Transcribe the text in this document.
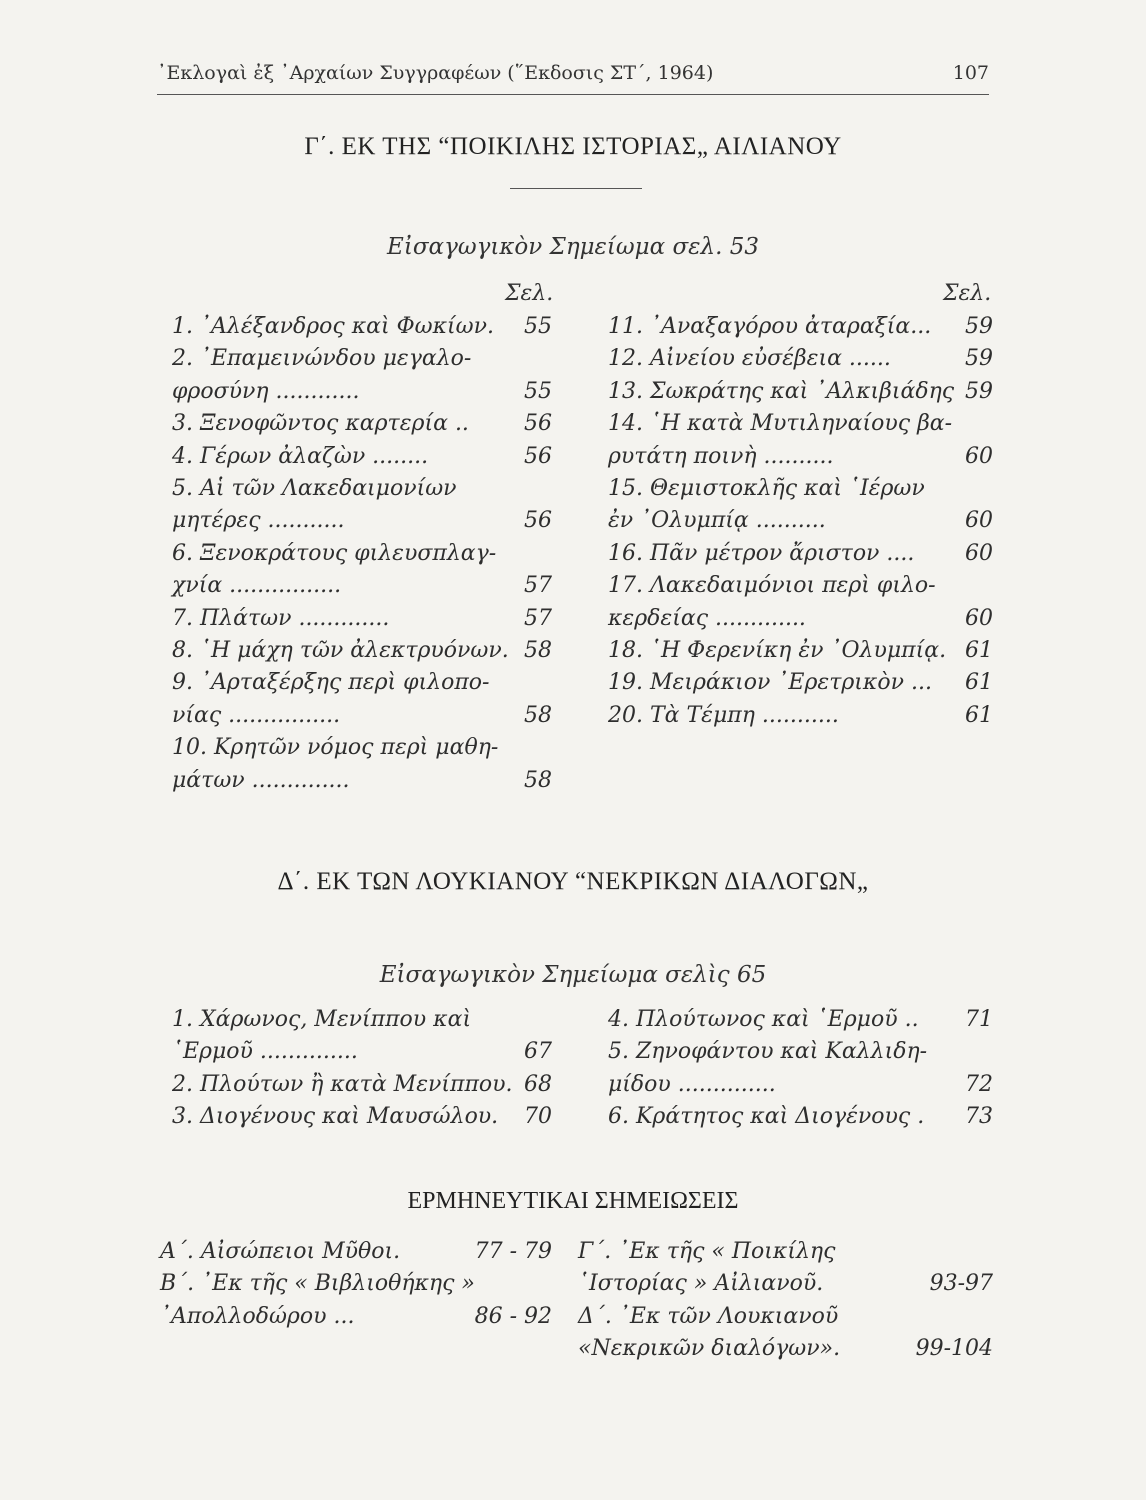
᾿Εκλογαὶ ἐξ ᾿Αρχαίων Συγγραφέων (῞Εκδοσις ΣΤ΄, 1964)	107
Γ΄. ΕΚ ΤΗΣ “ΠΟΙΚΙΛΗΣ ΙΣΤΟΡΙΑΣ„ ΑΙΛΙΑΝΟΥ
Εἰσαγωγικὸν Σημείωμα σελ. 53
Σελ.	Σελ.
1. ᾿Αλέξανδρος καὶ Φωκίων.	55
2. ᾿Επαμεινώνδου μεγαλο-
φροσύνη ............	55
3. Ξενοφῶντος καρτερία ..	56
4. Γέρων ἀλαζὼν ........	56
5. Αἱ τῶν Λακεδαιμονίων
μητέρες ...........	56
6. Ξενοκράτους φιλευσπλαγ-
χνία ................	57
7. Πλάτων .............	57
8. ῾Η μάχη τῶν ἀλεκτρυόνων. 58
9. ᾿Αρταξέρξης περὶ φιλοπο-
νίας ................	58
10. Κρητῶν νόμος περὶ μαθη-
μάτων ..............	58
11. ᾿Αναξαγόρου ἀταραξία...	59
12. Αἰνείου εὐσέβεια ......	59
13. Σωκράτης καὶ ᾿Αλκιβιάδης 59
14. ῾Η κατὰ Μυτιληναίους βα-
ρυτάτη ποινὴ ..........	60
15. Θεμιστοκλῆς καὶ ῾Ιέρων
ἐν ᾿Ολυμπίᾳ ..........	60
16. Πᾶν μέτρον ἄριστον ....	60
17. Λακεδαιμόνιοι περὶ φιλο-
κερδείας .............	60
18. ῾Η Φερενίκη ἐν ᾿Ολυμπίᾳ. 61
19. Μειράκιον ᾿Ερετρικὸν ...	61
20. Τὰ Τέμπη ...........	61
Δ΄. ΕΚ ΤΩΝ ΛΟΥΚΙΑΝΟΥ “ΝΕΚΡΙΚΩΝ ΔΙΑΛΟΓΩΝ„
Εἰσαγωγικὸν Σημείωμα σελὶς 65
1. Χάρωνος, Μενίππου καὶ
῾Ερμοῦ ..............	67
2. Πλούτων ἢ κατὰ Μενίππου. 68
3. Διογένους καὶ Μαυσώλου.	70
4. Πλούτωνος καὶ ῾Ερμοῦ ..	71
5. Ζηνοφάντου καὶ Καλλιδη-
μίδου ..............	72
6. Κράτητος καὶ Διογένους .	73
ΕΡΜΗΝΕΥΤΙΚΑΙ ΣΗΜΕΙΩΣΕΙΣ
Α΄. Αἰσώπειοι Μῦθοι.	77 - 79
Β΄. ᾿Εκ τῆς « Βιβλιοθήκης »
᾿Απολλοδώρου ...	86 - 92
Γ΄. ᾿Εκ τῆς « Ποικίλης
῾Ιστορίας » Αἰλιανοῦ.	93-97
Δ΄. ᾿Εκ τῶν Λουκιανοῦ
«Νεκρικῶν διαλόγων».	99-104
